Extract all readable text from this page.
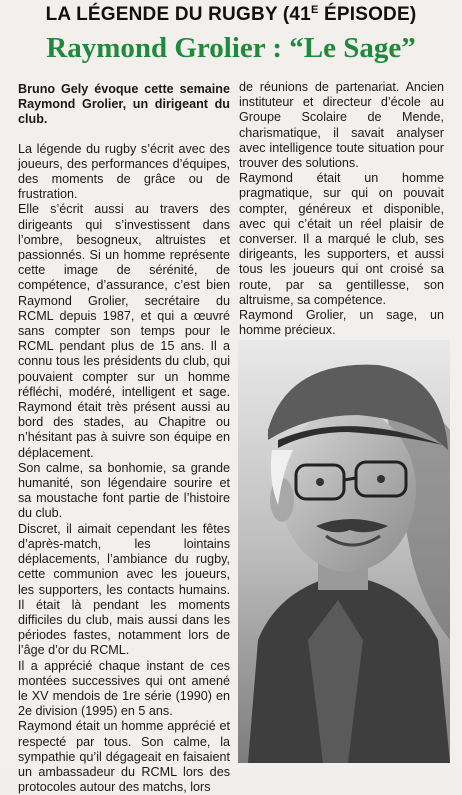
LA LÉGENDE DU RUGBY ($41^E$ ÉPISODE)
Raymond Grolier : “Le Sage”

Bruno Gely évoque cette semaine Raymond Grolier, un dirigeant du club.

La légende du rugby s’écrit avec des joueurs, des performances d’équipes, des moments de grâce ou de frustration.

Elle s’écrit aussi au travers des dirigeants qui s’investissent dans l’ombre, besogneux, altruistes et passionnés. Si un homme représente cette image de sérénité, de compétence, d’assurance, c’est bien Raymond Grolier, secrétaire du RCML depuis 1987, et qui a œuvré sans compter son temps pour le RCML pendant plus de 15 ans. Il a connu tous les présidents du club, qui pouvaient compter sur un homme réfléchi, modéré, intelligent et sage. Raymond était très présent aussi au bord des stades, au Chapitre ou n’hésitant pas à suivre son équipe en déplacement.

Son calme, sa bonhomie, sa grande humanité, son légendaire sourire et sa moustache font partie de l’histoire du club.

Discret, il aimait cependant les fêtes d’après-match, les lointains déplacements, l’ambiance du rugby, cette communion avec les joueurs, les supporters, les contacts humains. Il était là pendant les moments difficiles du club, mais aussi dans les périodes fastes, notamment lors de l’âge d’or du RCML.

Il a apprécié chaque instant de ces montées successives qui ont amené le XV mendois de 1re série (1990) en 2e division (1995) en 5 ans.

Raymond était un homme apprécié et respecté par tous. Son calme, la sympathie qu’il dégageait en faisaient un ambassadeur du RCML lors des protocoles autour des matchs, lors

de réunions de partenariat. Ancien instituteur et directeur d’école au Groupe Scolaire de Mende, charismatique, il savait analyser avec intelligence toute situation pour trouver des solutions.

Raymond était un homme pragmatique, sur qui on pouvait compter, généreux et disponible, avec qui c’était un réel plaisir de converser. Il a marqué le club, ses dirigeants, les supporters, et aussi tous les joueurs qui ont croisé sa route, par sa gentillesse, son altruisme, sa compétence.

Raymond Grolier, un sage, un homme précieux.
